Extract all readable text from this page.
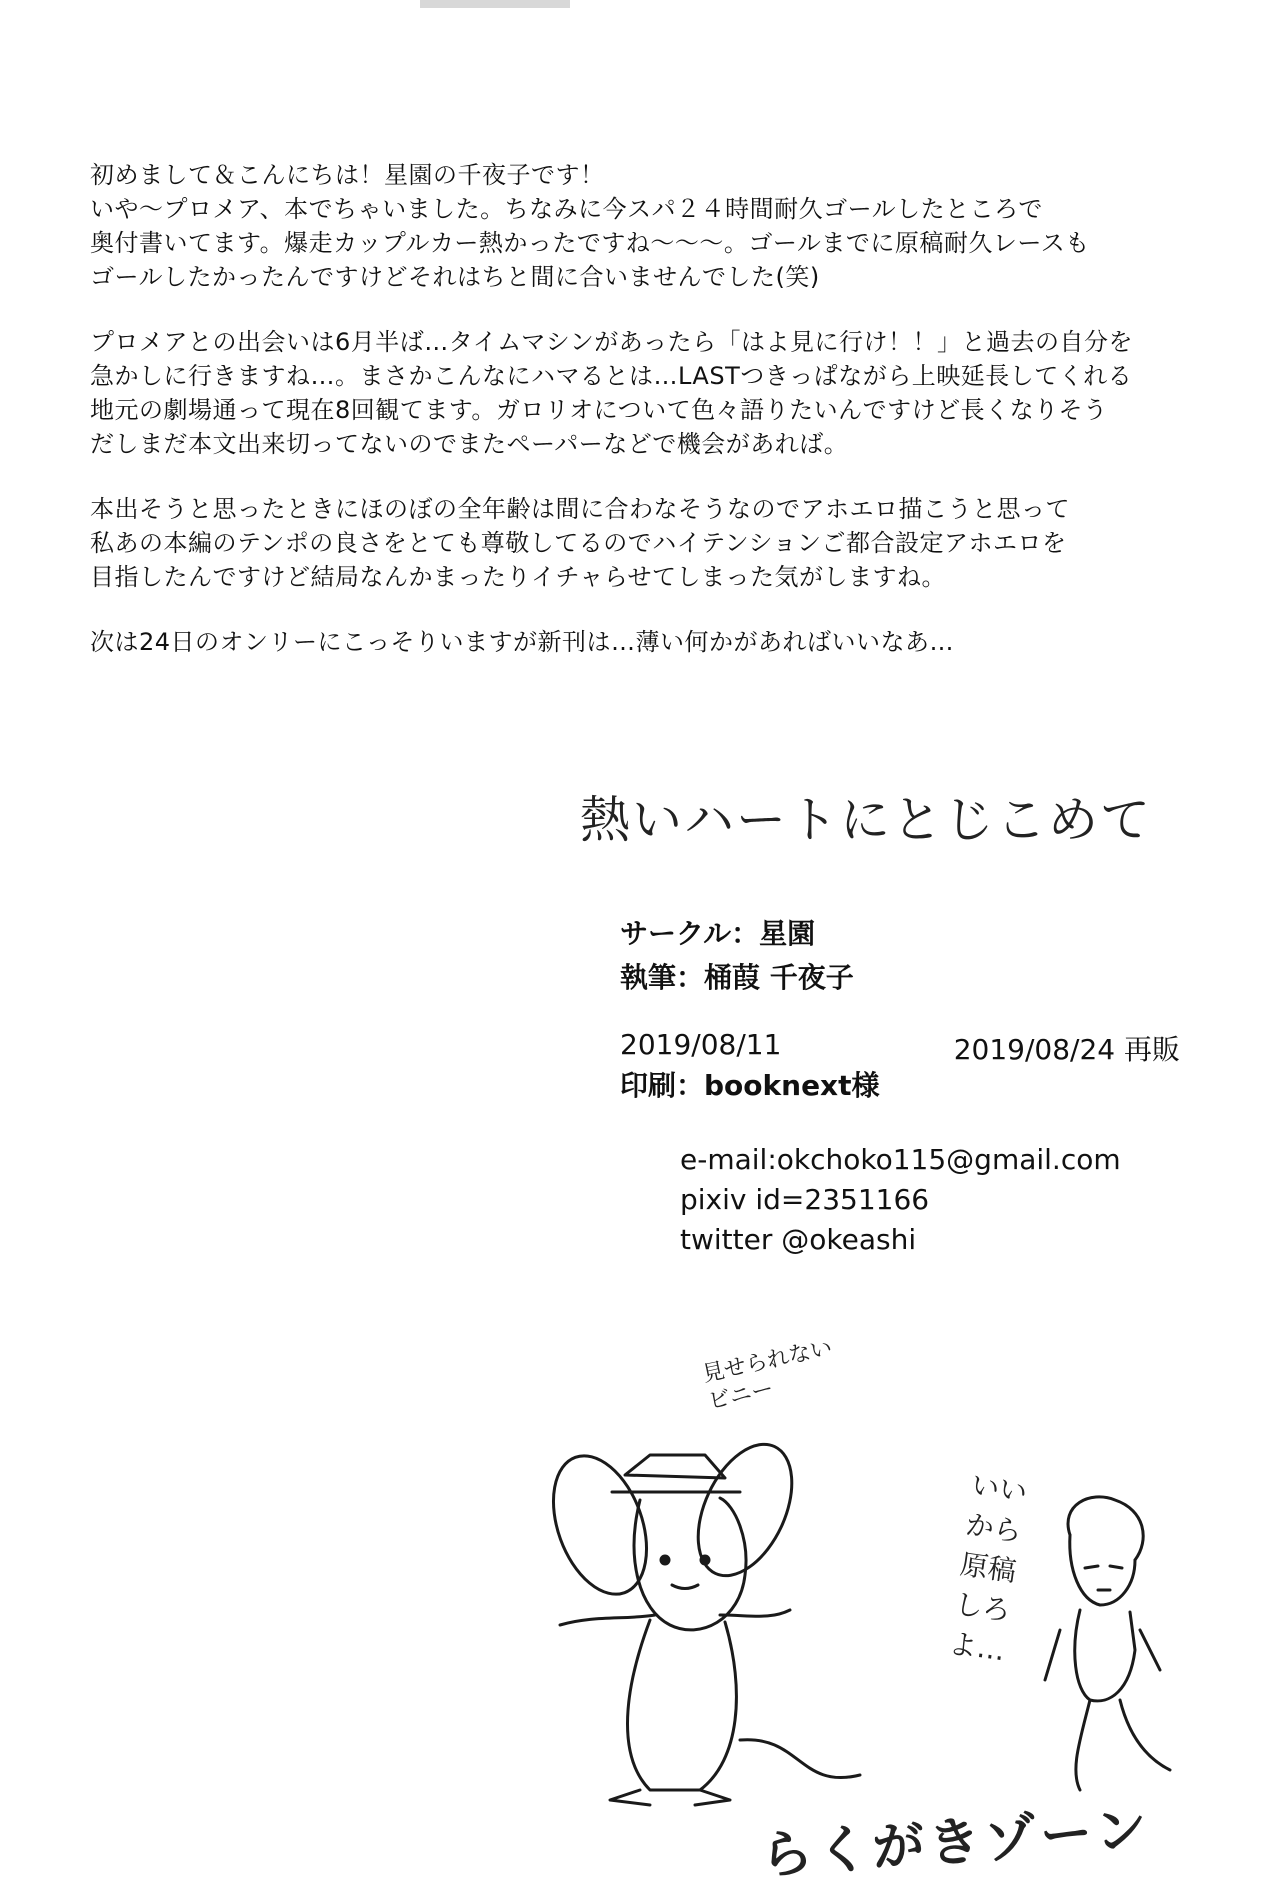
初めまして＆こんにちは！星園の千夜子です！
いや～プロメア、本でちゃいました。ちなみに今スパ２４時間耐久ゴールしたところで
奥付書いてます。爆走カップルカー熱かったですね～～～。ゴールまでに原稿耐久レースも
ゴールしたかったんですけどそれはちと間に合いませんでした(笑)
プロメアとの出会いは6月半ば…タイムマシンがあったら「はよ見に行け！！」と過去の自分を
急かしに行きますね…。まさかこんなにハマるとは…LASTつきっぱながら上映延長してくれる
地元の劇場通って現在8回観てます。ガロリオについて色々語りたいんですけど長くなりそう
だしまだ本文出来切ってないのでまたペーパーなどで機会があれば。
本出そうと思ったときにほのぼの全年齢は間に合わなそうなのでアホエロ描こうと思って
私あの本編のテンポの良さをとても尊敬してるのでハイテンションご都合設定アホエロを
目指したんですけど結局なんかまったりイチャらせてしまった気がしますね。
次は24日のオンリーにこっそりいますが新刊は…薄い何かがあればいいなあ…
熱いハートにとじこめて
サークル：星園
執筆：桶葭 千夜子
2019/08/11	2019/08/24 再販
印刷：booknext様
e-mail:okchoko115@gmail.com
pixiv id=2351166
twitter @okeashi
見せられない
ビニー
いいから原稿しろよ…
らくがきゾーン
